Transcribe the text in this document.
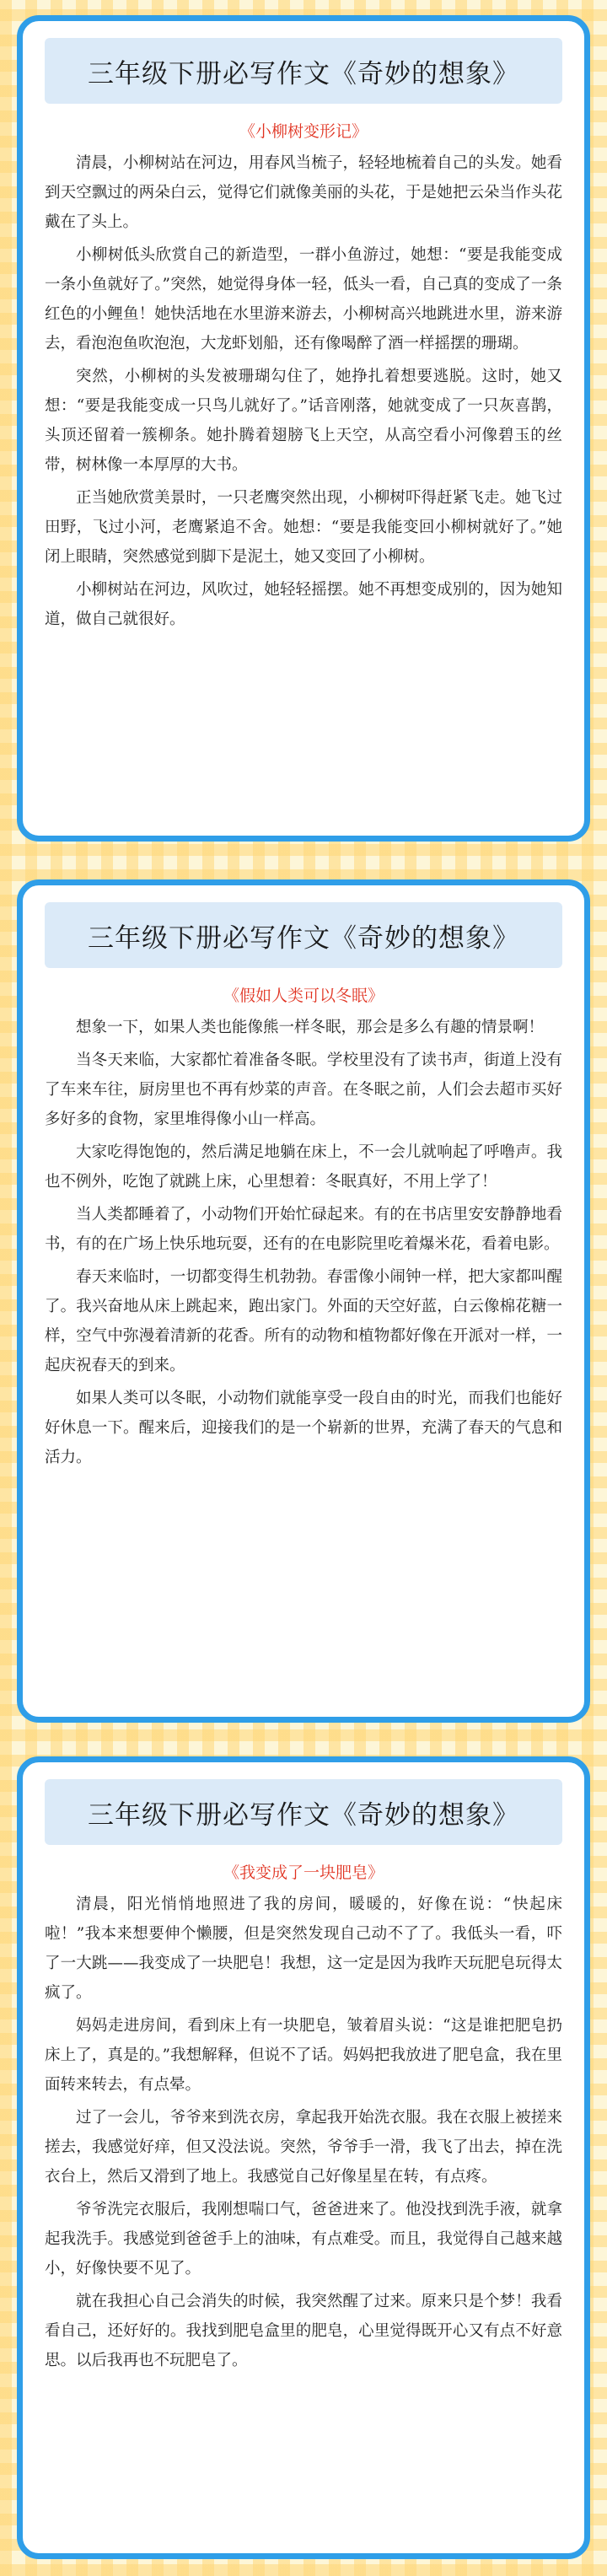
三年级下册必写作文《奇妙的想象》
《小柳树变形记》

清晨，小柳树站在河边，用春风当梳子，轻轻地梳着自己的头发。她看到天空飘过的两朵白云，觉得它们就像美丽的头花，于是她把云朵当作头花戴在了头上。

小柳树低头欣赏自己的新造型，一群小鱼游过，她想：“要是我能变成一条小鱼就好了。”突然，她觉得身体一轻，低头一看，自己真的变成了一条红色的小鲤鱼！她快活地在水里游来游去，小柳树高兴地跳进水里，游来游去，看泡泡鱼吹泡泡，大龙虾划船，还有像喝醉了酒一样摇摆的珊瑚。

突然，小柳树的头发被珊瑚勾住了，她挣扎着想要逃脱。这时，她又想：“要是我能变成一只鸟儿就好了。”话音刚落，她就变成了一只灰喜鹊，头顶还留着一簇柳条。她扑腾着翅膀飞上天空，从高空看小河像碧玉的丝带，树林像一本厚厚的大书。

正当她欣赏美景时，一只老鹰突然出现，小柳树吓得赶紧飞走。她飞过田野，飞过小河，老鹰紧追不舍。她想：“要是我能变回小柳树就好了。”她闭上眼睛，突然感觉到脚下是泥土，她又变回了小柳树。

小柳树站在河边，风吹过，她轻轻摇摆。她不再想变成别的，因为她知道，做自己就很好。

三年级下册必写作文《奇妙的想象》
《假如人类可以冬眠》

想象一下，如果人类也能像熊一样冬眠，那会是多么有趣的情景啊！

当冬天来临，大家都忙着准备冬眠。学校里没有了读书声，街道上没有了车来车往，厨房里也不再有炒菜的声音。在冬眠之前，人们会去超市买好多好多的食物，家里堆得像小山一样高。

大家吃得饱饱的，然后满足地躺在床上，不一会儿就响起了呼噜声。我也不例外，吃饱了就跳上床，心里想着：冬眠真好，不用上学了！

当人类都睡着了，小动物们开始忙碌起来。有的在书店里安安静静地看书，有的在广场上快乐地玩耍，还有的在电影院里吃着爆米花，看着电影。

春天来临时，一切都变得生机勃勃。春雷像小闹钟一样，把大家都叫醒了。我兴奋地从床上跳起来，跑出家门。外面的天空好蓝，白云像棉花糖一样，空气中弥漫着清新的花香。所有的动物和植物都好像在开派对一样，一起庆祝春天的到来。

如果人类可以冬眠，小动物们就能享受一段自由的时光，而我们也能好好休息一下。醒来后，迎接我们的是一个崭新的世界，充满了春天的气息和活力。

三年级下册必写作文《奇妙的想象》
《我变成了一块肥皂》

清晨，阳光悄悄地照进了我的房间，暖暖的，好像在说：“快起床啦！”我本来想要伸个懒腰，但是突然发现自己动不了了。我低头一看，吓了一大跳——我变成了一块肥皂！我想，这一定是因为我昨天玩肥皂玩得太疯了。

妈妈走进房间，看到床上有一块肥皂，皱着眉头说：“这是谁把肥皂扔床上了，真是的。”我想解释，但说不了话。妈妈把我放进了肥皂盒，我在里面转来转去，有点晕。

过了一会儿，爷爷来到洗衣房，拿起我开始洗衣服。我在衣服上被搓来搓去，我感觉好痒，但又没法说。突然，爷爷手一滑，我飞了出去，掉在洗衣台上，然后又滑到了地上。我感觉自己好像星星在转，有点疼。

爷爷洗完衣服后，我刚想喘口气，爸爸进来了。他没找到洗手液，就拿起我洗手。我感觉到爸爸手上的油味，有点难受。而且，我觉得自己越来越小，好像快要不见了。

就在我担心自己会消失的时候，我突然醒了过来。原来只是个梦！我看看自己，还好好的。我找到肥皂盒里的肥皂，心里觉得既开心又有点不好意思。以后我再也不玩肥皂了。
